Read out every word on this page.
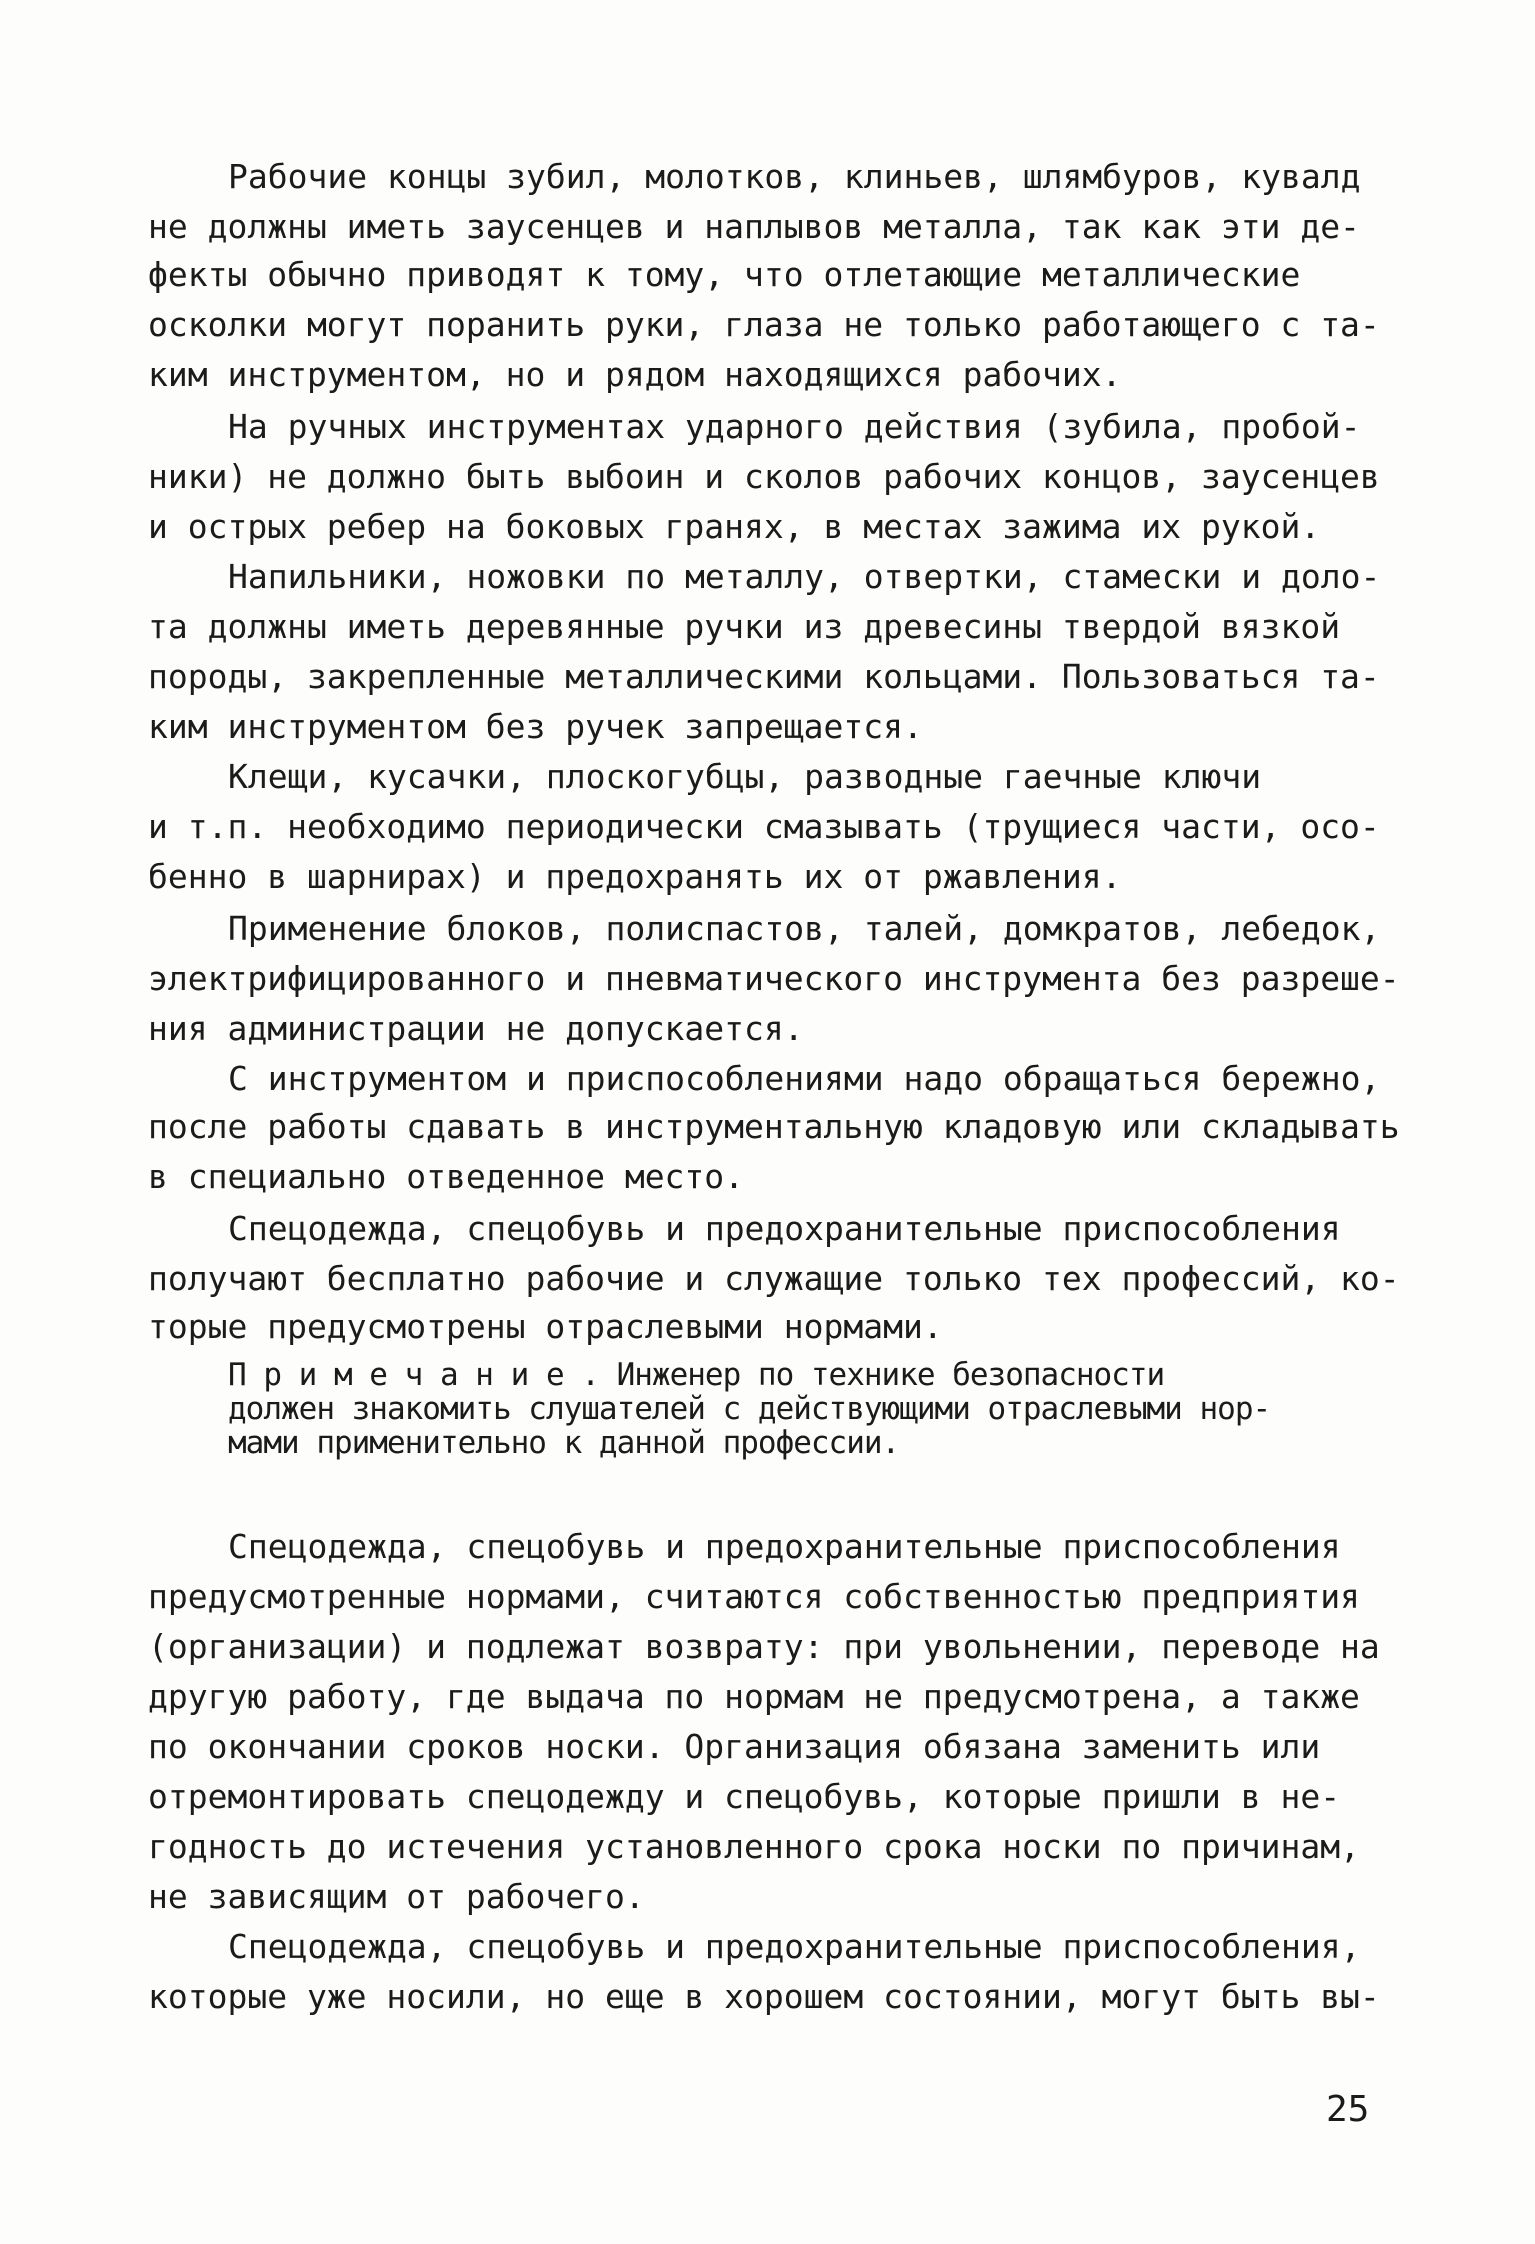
Рабочие концы зубил, молотков, клиньев, шлямбуров, кувалд

не должны иметь заусенцев и наплывов металла, так как эти де-

фекты обычно приводят к тому, что отлетающие металлические

осколки могут поранить руки, глаза не только работающего с та-

ким инструментом, но и рядом находящихся рабочих.

На ручных инструментах ударного действия (зубила, пробой-

ники) не должно быть выбоин и сколов рабочих концов, заусенцев

и острых ребер на боковых гранях, в местах зажима их рукой.

Напильники, ножовки по металлу, отвертки, стамески и доло-

та должны иметь деревянные ручки из древесины твердой вязкой

породы, закрепленные металлическими кольцами. Пользоваться та-

ким инструментом без ручек запрещается.

Клещи, кусачки, плоскогубцы, разводные гаечные ключи

и т.п. необходимо периодически смазывать (трущиеся части, осо-

бенно в шарнирах) и предохранять их от ржавления.

Применение блоков, полиспастов, талей, домкратов, лебедок,

электрифицированного и пневматического инструмента без разреше-

ния администрации не допускается.

С инструментом и приспособлениями надо обращаться бережно,

после работы сдавать в инструментальную кладовую или складывать

в специально отведенное место.

Спецодежда, спецобувь и предохранительные приспособления

получают бесплатно рабочие и служащие только тех профессий, ко-

торые предусмотрены отраслевыми нормами.

П р и м е ч а н и е . Инженер по технике безопасности

должен знакомить слушателей с действующими отраслевыми нор-

мами применительно к данной профессии.

Спецодежда, спецобувь и предохранительные приспособления

предусмотренные нормами, считаются собственностью предприятия

(организации) и подлежат возврату: при увольнении, переводе на

другую работу, где выдача по нормам не предусмотрена, а также

по окончании сроков носки. Организация обязана заменить или

отремонтировать спецодежду и спецобувь, которые пришли в не-

годность до истечения установленного срока носки по причинам,

не зависящим от рабочего.

Спецодежда, спецобувь и предохранительные приспособления,

которые уже носили, но еще в хорошем состоянии, могут быть вы-

25
